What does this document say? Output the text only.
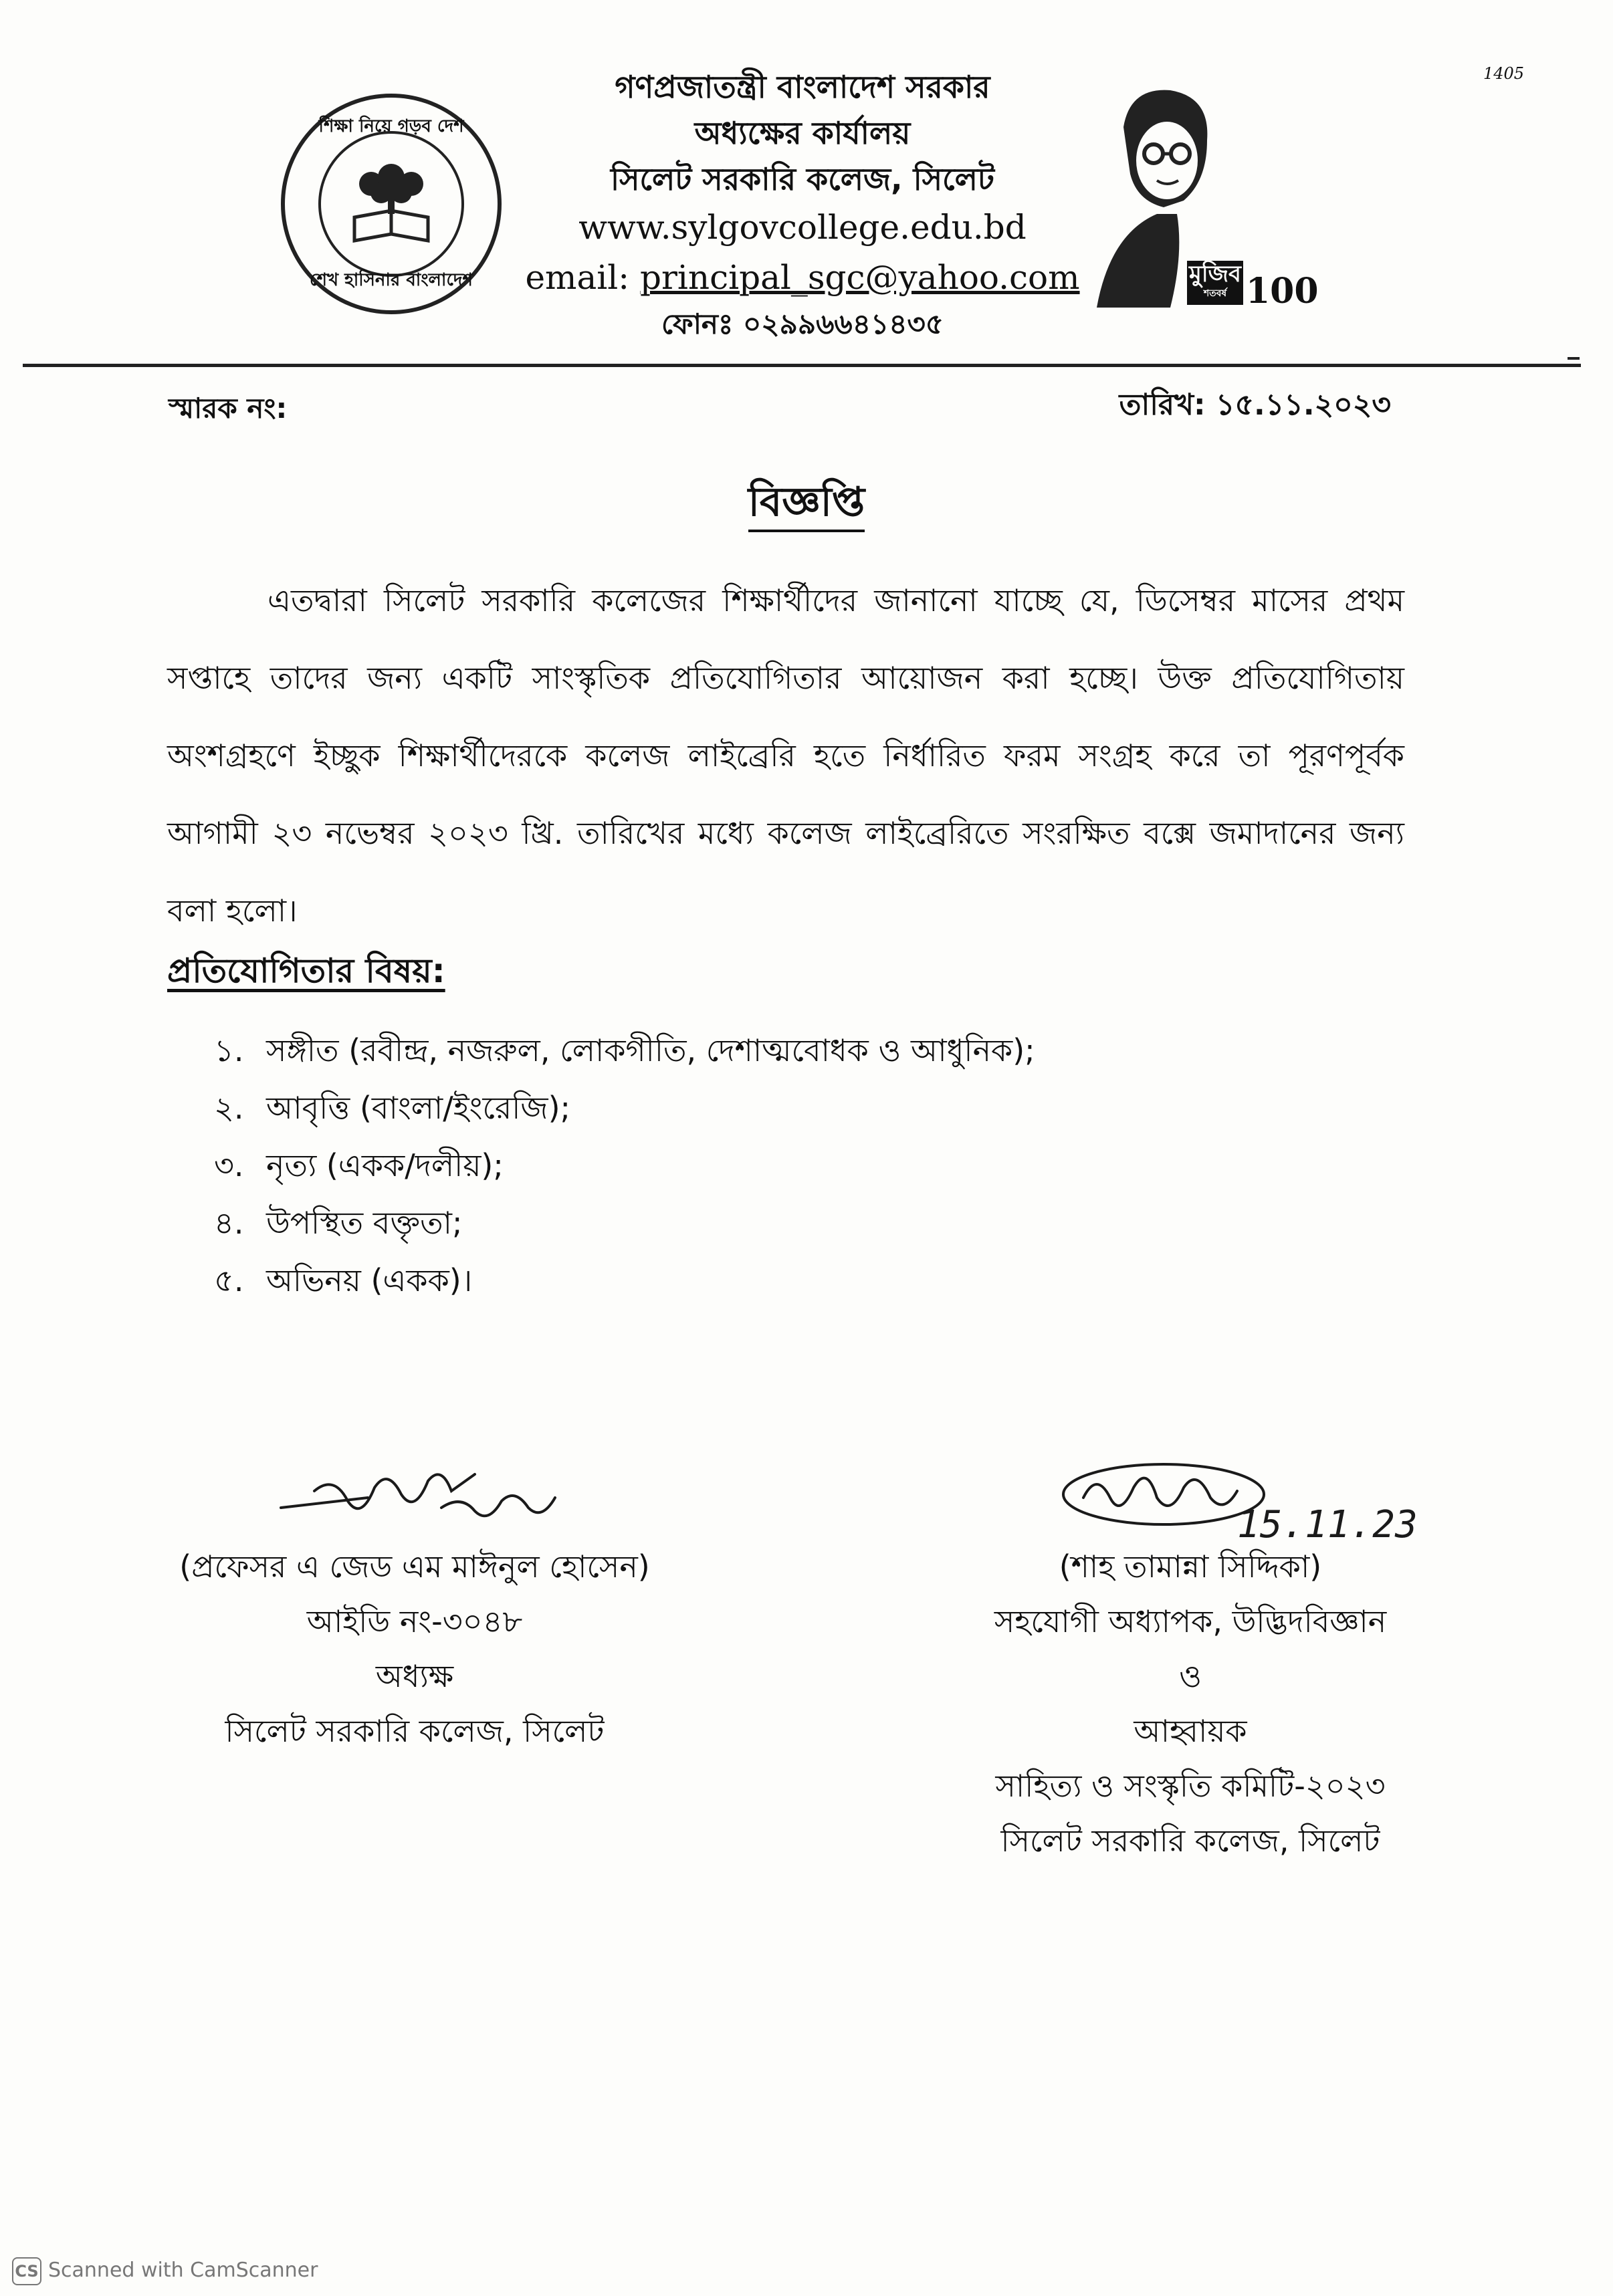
1405
শিক্ষা নিয়ে গড়ব দেশ
শেখ হাসিনার বাংলাদেশ
গণপ্রজাতন্ত্রী বাংলাদেশ সরকার
অধ্যক্ষের কার্যালয়
সিলেট সরকারি কলেজ, সিলেট
www.sylgovcollege.edu.bd
email: principal_sgc@yahoo.com
ফোনঃ ০২৯৯৬৬৪১৪৩৫
মুজিব
শতবর্ষ 100
স্মারক নং:	তারিখ: ১৫.১১.২০২৩
বিজ্ঞপ্তি
এতদ্বারা সিলেট সরকারি কলেজের শিক্ষার্থীদের জানানো যাচ্ছে যে, ডিসেম্বর মাসের প্রথম সপ্তাহে তাদের জন্য একটি সাংস্কৃতিক প্রতিযোগিতার আয়োজন করা হচ্ছে। উক্ত প্রতিযোগিতায় অংশগ্রহণে ইচ্ছুক শিক্ষার্থীদেরকে কলেজ লাইব্রেরি হতে নির্ধারিত ফরম সংগ্রহ করে তা পূরণপূর্বক আগামী ২৩ নভেম্বর ২০২৩ খ্রি. তারিখের মধ্যে কলেজ লাইব্রেরিতে সংরক্ষিত বক্সে জমাদানের জন্য বলা হলো।
প্রতিযোগিতার বিষয়:
১. সঙ্গীত (রবীন্দ্র, নজরুল, লোকগীতি, দেশাত্মবোধক ও আধুনিক);
২. আবৃত্তি (বাংলা/ইংরেজি);
৩. নৃত্য (একক/দলীয়);
৪. উপস্থিত বক্তৃতা;
৫. অভিনয় (একক)।
(প্রফেসর এ জেড এম মাঈনুল হোসেন)
আইডি নং-৩০৪৮
অধ্যক্ষ
সিলেট সরকারি কলেজ, সিলেট
15.11.23
(শাহ তামান্না সিদ্দিকা)
সহযোগী অধ্যাপক, উদ্ভিদবিজ্ঞান
ও
আহ্বায়ক
সাহিত্য ও সংস্কৃতি কমিটি-২০২৩
সিলেট সরকারি কলেজ, সিলেট
CS Scanned with CamScanner
